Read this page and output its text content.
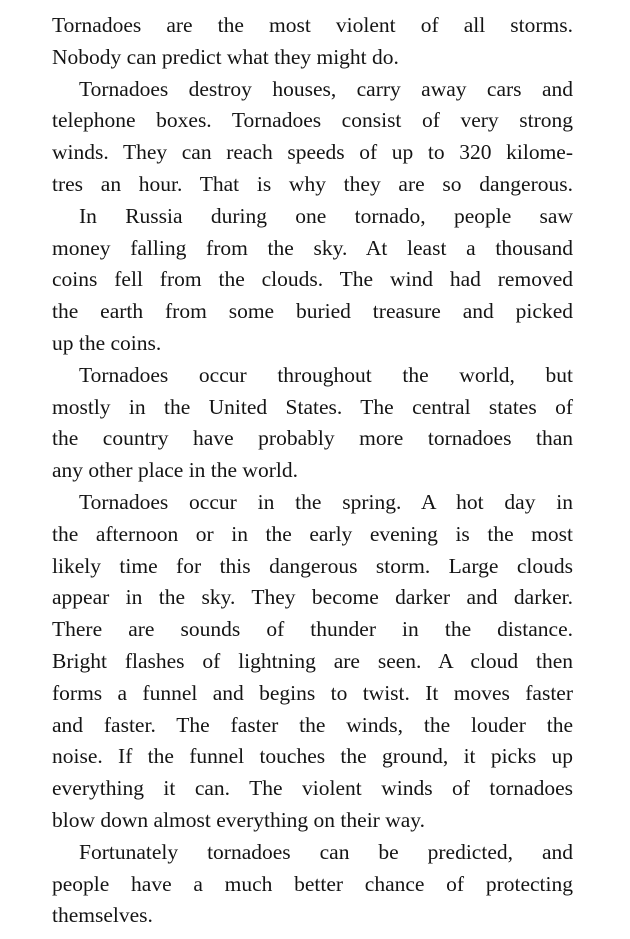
Tornadoes are the most violent of all storms.
Nobody can predict what they might do.
Tornadoes destroy houses, carry away cars and
telephone boxes. Tornadoes consist of very strong
winds. They can reach speeds of up to 320 kilome-
tres an hour. That is why they are so dangerous.
In Russia during one tornado, people saw
money falling from the sky. At least a thousand
coins fell from the clouds. The wind had removed
the earth from some buried treasure and picked
up the coins.
Tornadoes occur throughout the world, but
mostly in the United States. The central states of
the country have probably more tornadoes than
any other place in the world.
Tornadoes occur in the spring. A hot day in
the afternoon or in the early evening is the most
likely time for this dangerous storm. Large clouds
appear in the sky. They become darker and darker.
There are sounds of thunder in the distance.
Bright flashes of lightning are seen. A cloud then
forms a funnel and begins to twist. It moves faster
and faster. The faster the winds, the louder the
noise. If the funnel touches the ground, it picks up
everything it can. The violent winds of tornadoes
blow down almost everything on their way.
Fortunately tornadoes can be predicted, and
people have a much better chance of protecting
themselves.
